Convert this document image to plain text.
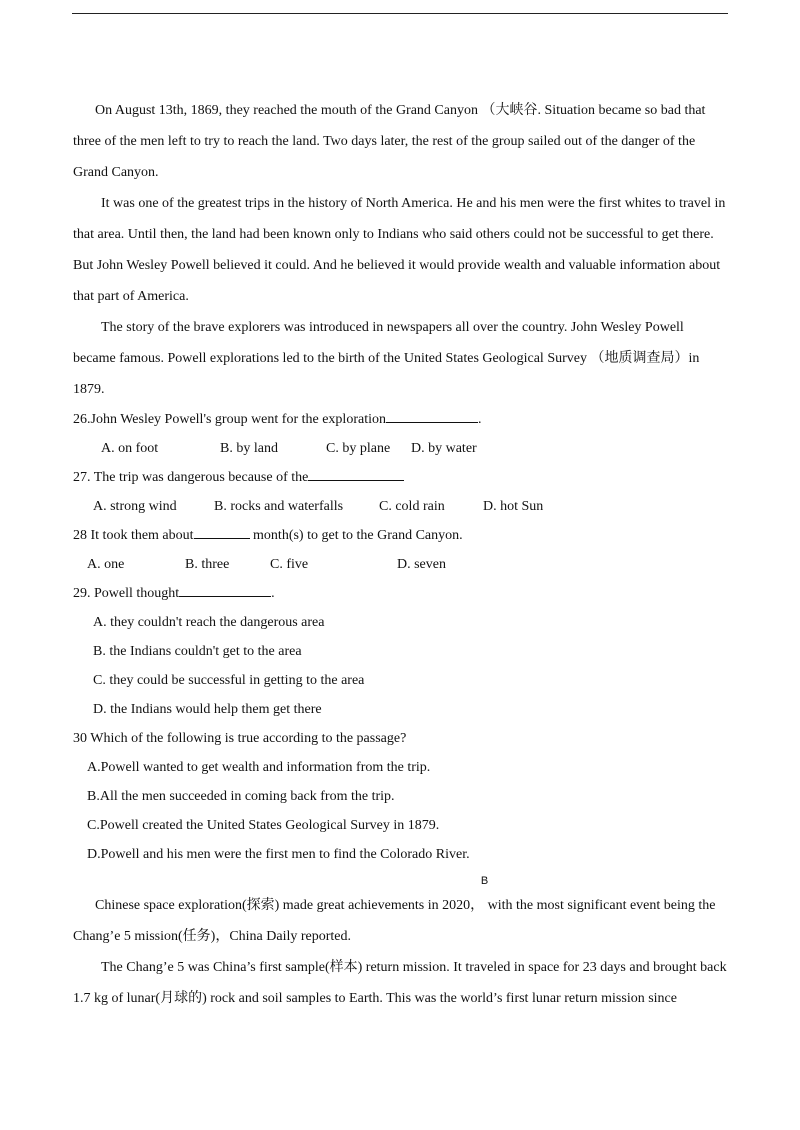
On August 13th, 1869, they reached the mouth of the Grand Canyon （大峡谷. Situation became so bad that three of the men left to try to reach the land. Two days later, the rest of the group sailed out of the danger of the Grand Canyon.

It was one of the greatest trips in the history of North America. He and his men were the first whites to travel in that area. Until then, the land had been known only to Indians who said others could not be successful to get there. But John Wesley Powell believed it could. And he believed it would provide wealth and valuable information about that part of America.

The story of the brave explorers was introduced in newspapers all over the country. John Wesley Powell became famous. Powell explorations led to the birth of the United States Geological Survey （地质调查局）in 1879.

26.John Wesley Powell's group went for the exploration	.

A. on foot	B. by land	C. by plane	D. by water

27. The trip was dangerous because of the

A. strong wind	B. rocks and waterfalls	C. cold rain	D. hot Sun

28 It took them about	month(s) to get to the Grand Canyon.

A. one	B. three	C. five	D. seven

29. Powell thought	.

A. they couldn't reach the dangerous area

B. the Indians couldn't get to the area

C. they could be successful in getting to the area

D. the Indians would help them get there

30 Which of the following is true according to the passage?

A.Powell wanted to get wealth and information from the trip.

B.All the men succeeded in coming back from the trip.

C.Powell created the United States Geological Survey in 1879.

D.Powell and his men were the first men to find the Colorado River.

B

Chinese space exploration(探索) made great achievements in 2020， with the most significant event being the Chang’e 5 mission(任务)，China Daily reported.

The Chang’e 5 was China’s first sample(样本) return mission. It traveled in space for 23 days and brought back 1.7 kg of lunar(月球的) rock and soil samples to Earth. This was the world’s first lunar return mission since
